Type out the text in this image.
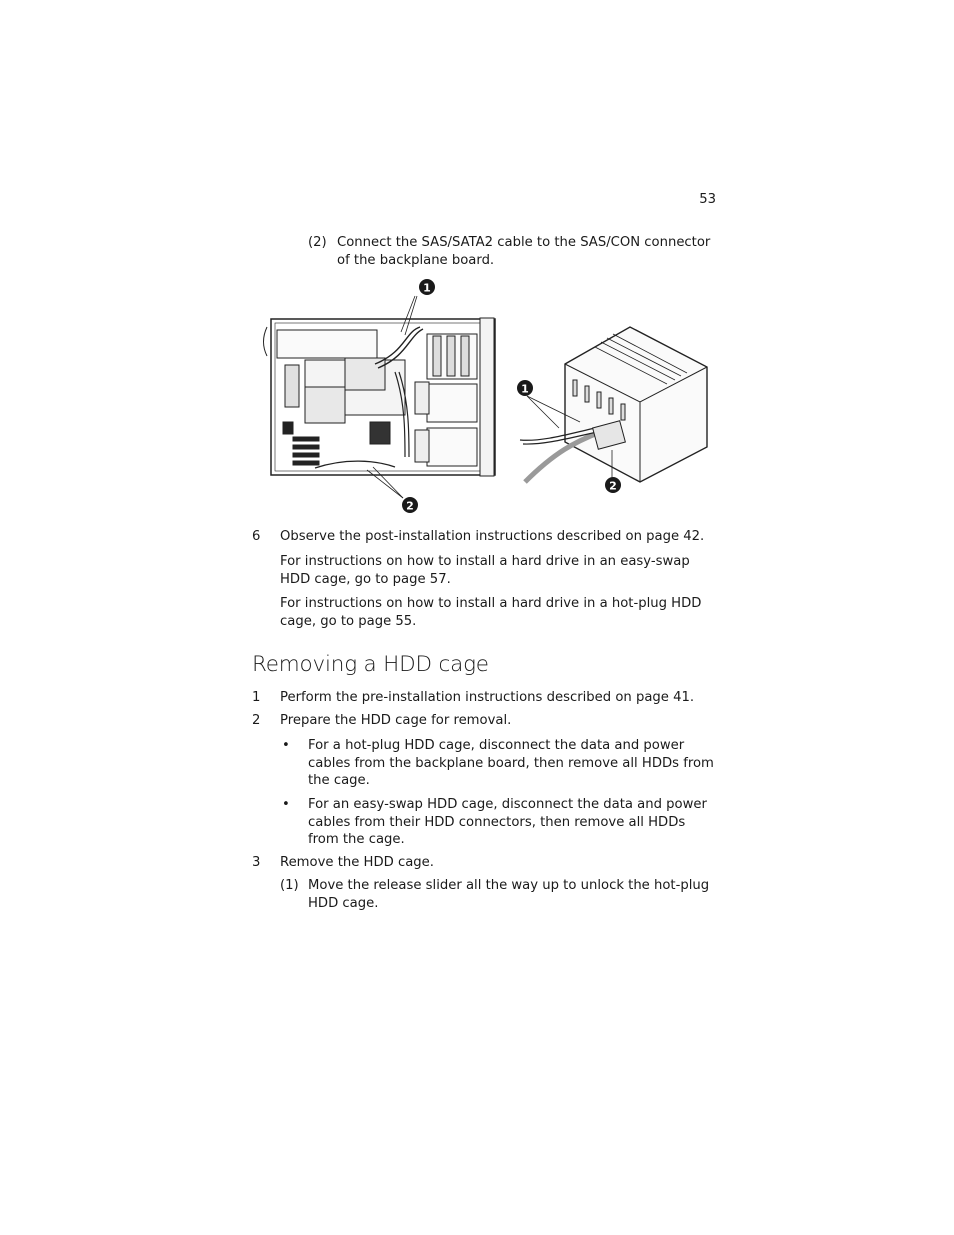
53
(2) Connect the SAS/SATA2 cable to the SAS/CON connector of the backplane board.
1
2
1
2
6	Observe the post-installation instructions described on page 42.
For instructions on how to install a hard drive in an easy-swap HDD cage, go to page 57.
For instructions on how to install a hard drive in a hot-plug HDD cage, go to page 55.
Removing a HDD cage
1	Perform the pre-installation instructions described on page 41.
2	Prepare the HDD cage for removal.
• For a hot-plug HDD cage, disconnect the data and power cables from the backplane board, then remove all HDDs from the cage.
• For an easy-swap HDD cage, disconnect the data and power cables from their HDD connectors, then remove all HDDs from the cage.
3	Remove the HDD cage.
(1) Move the release slider all the way up to unlock the hot-plug HDD cage.
